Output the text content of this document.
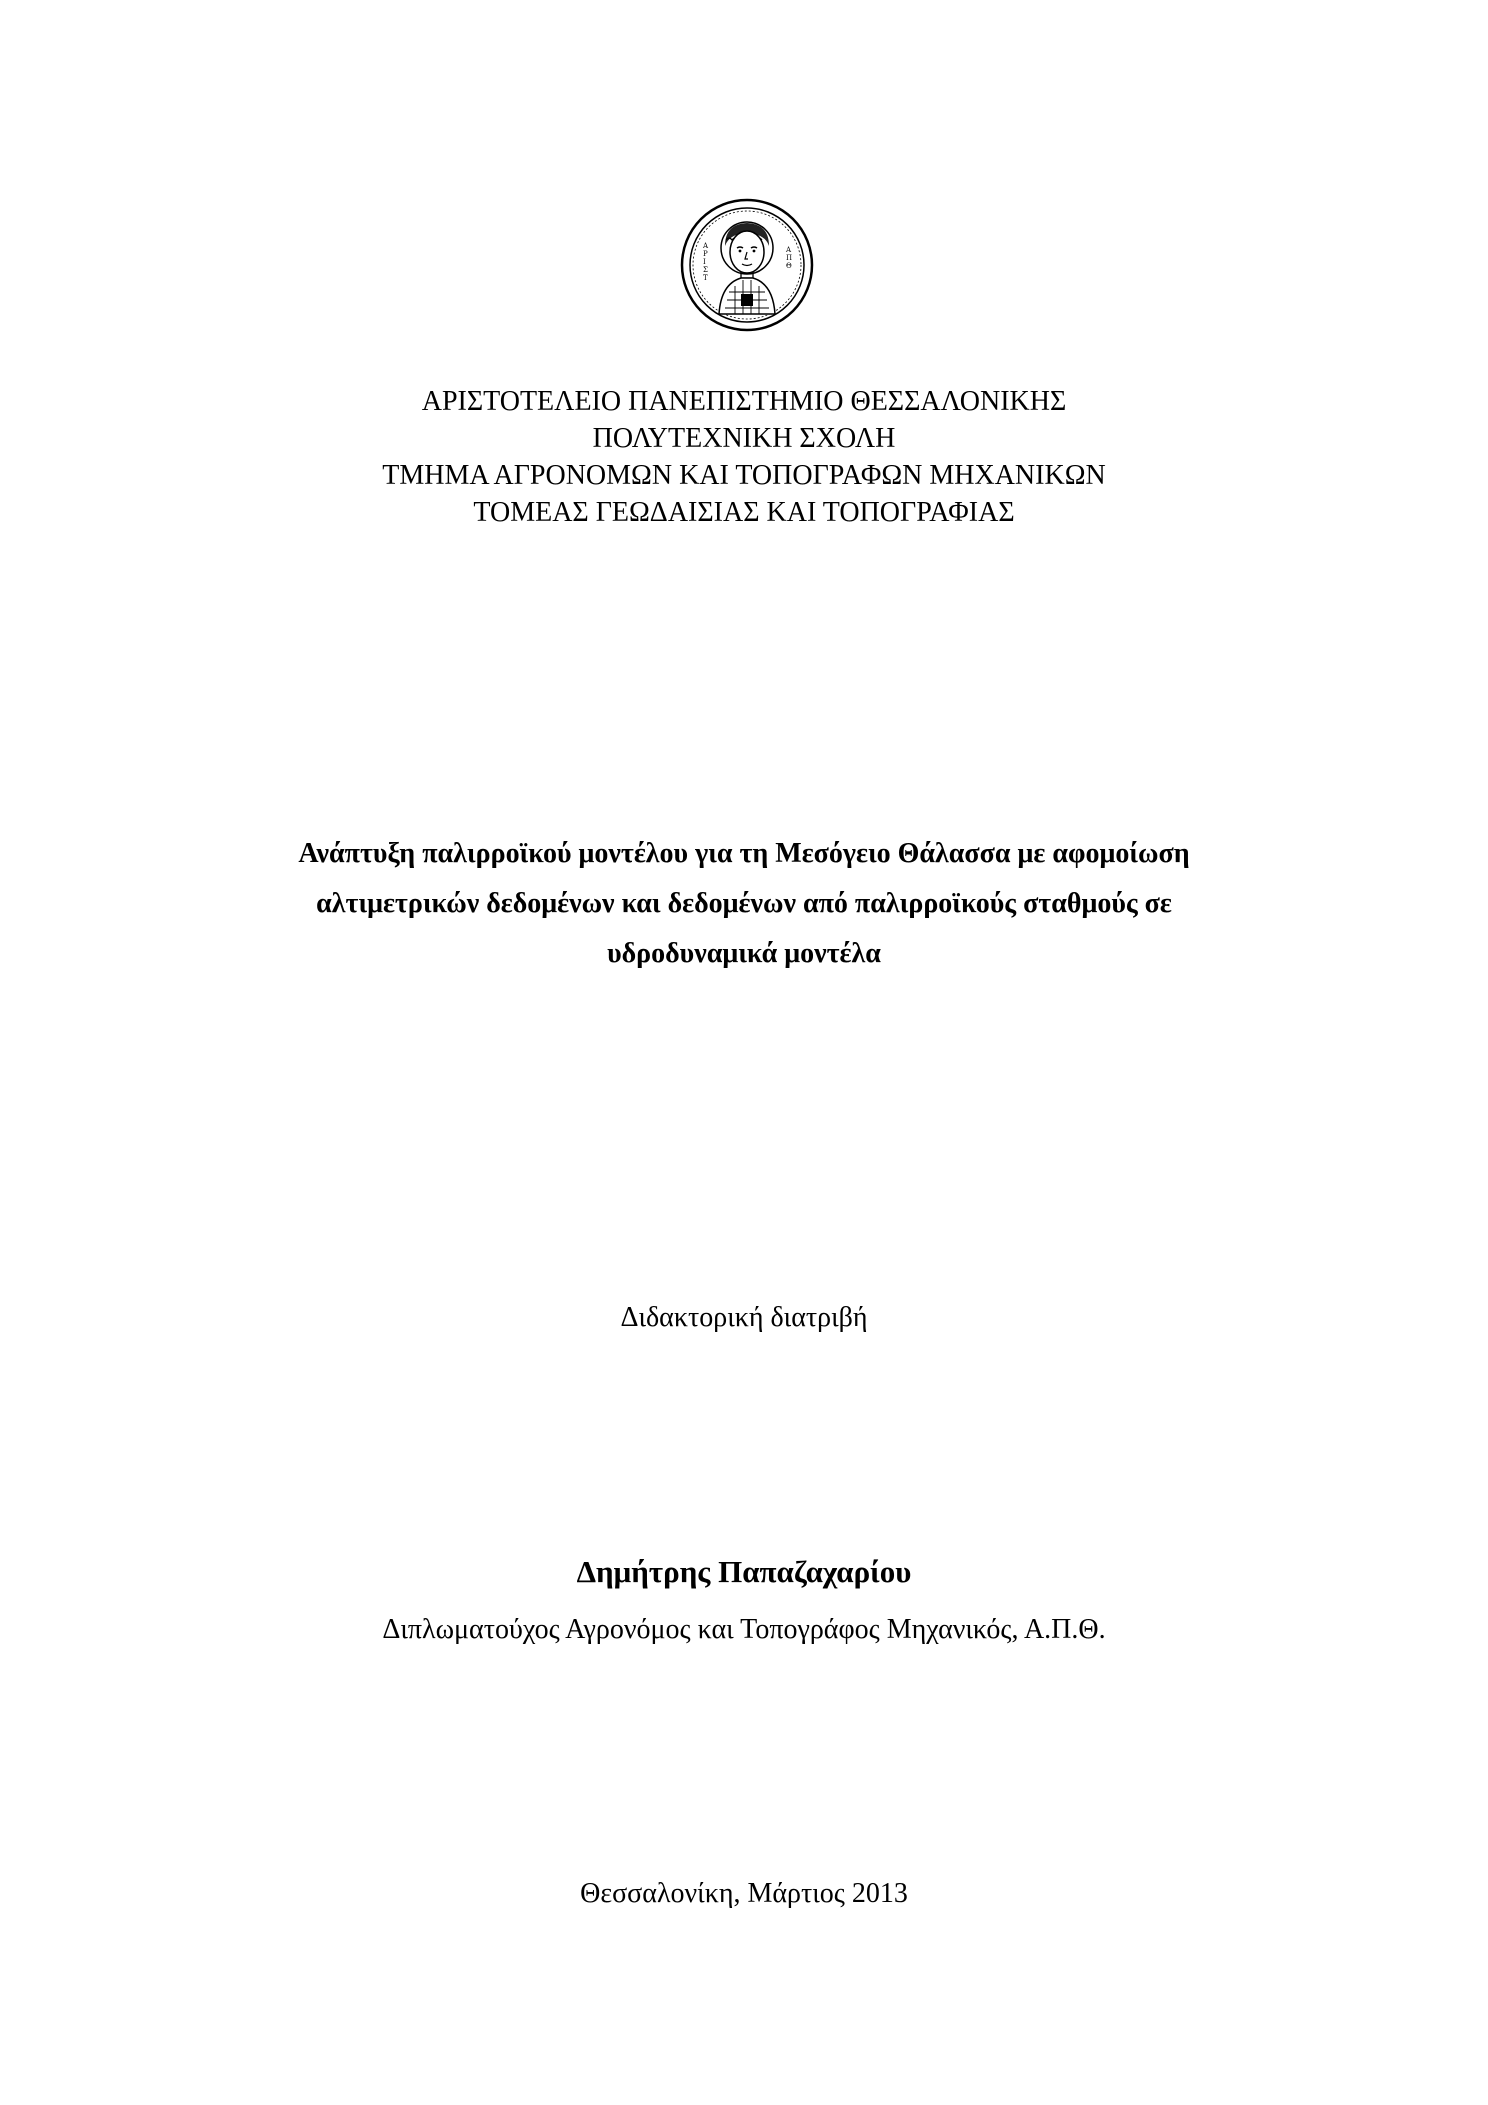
Α
Ρ
Ι
Σ
Τ
Α
Π
Θ
ΑΡΙΣΤΟΤΕΛΕΙΟ ΠΑΝΕΠΙΣΤΗΜΙΟ ΘΕΣΣΑΛΟΝΙΚΗΣ
ΠΟΛΥΤΕΧΝΙΚΗ ΣΧΟΛΗ
ΤΜΗΜΑ ΑΓΡΟΝΟΜΩΝ ΚΑΙ ΤΟΠΟΓΡΑΦΩΝ ΜΗΧΑΝΙΚΩΝ
ΤΟΜΕΑΣ ΓΕΩΔΑΙΣΙΑΣ ΚΑΙ ΤΟΠΟΓΡΑΦΙΑΣ
Ανάπτυξη παλιρροϊκού μοντέλου για τη Μεσόγειο Θάλασσα με αφομοίωση
αλτιμετρικών δεδομένων και δεδομένων από παλιρροϊκούς σταθμούς σε
υδροδυναμικά μοντέλα
Διδακτορική διατριβή
Δημήτρης Παπαζαχαρίου
Διπλωματούχος Αγρονόμος και Τοπογράφος Μηχανικός, Α.Π.Θ.
Θεσσαλονίκη, Μάρτιος 2013
